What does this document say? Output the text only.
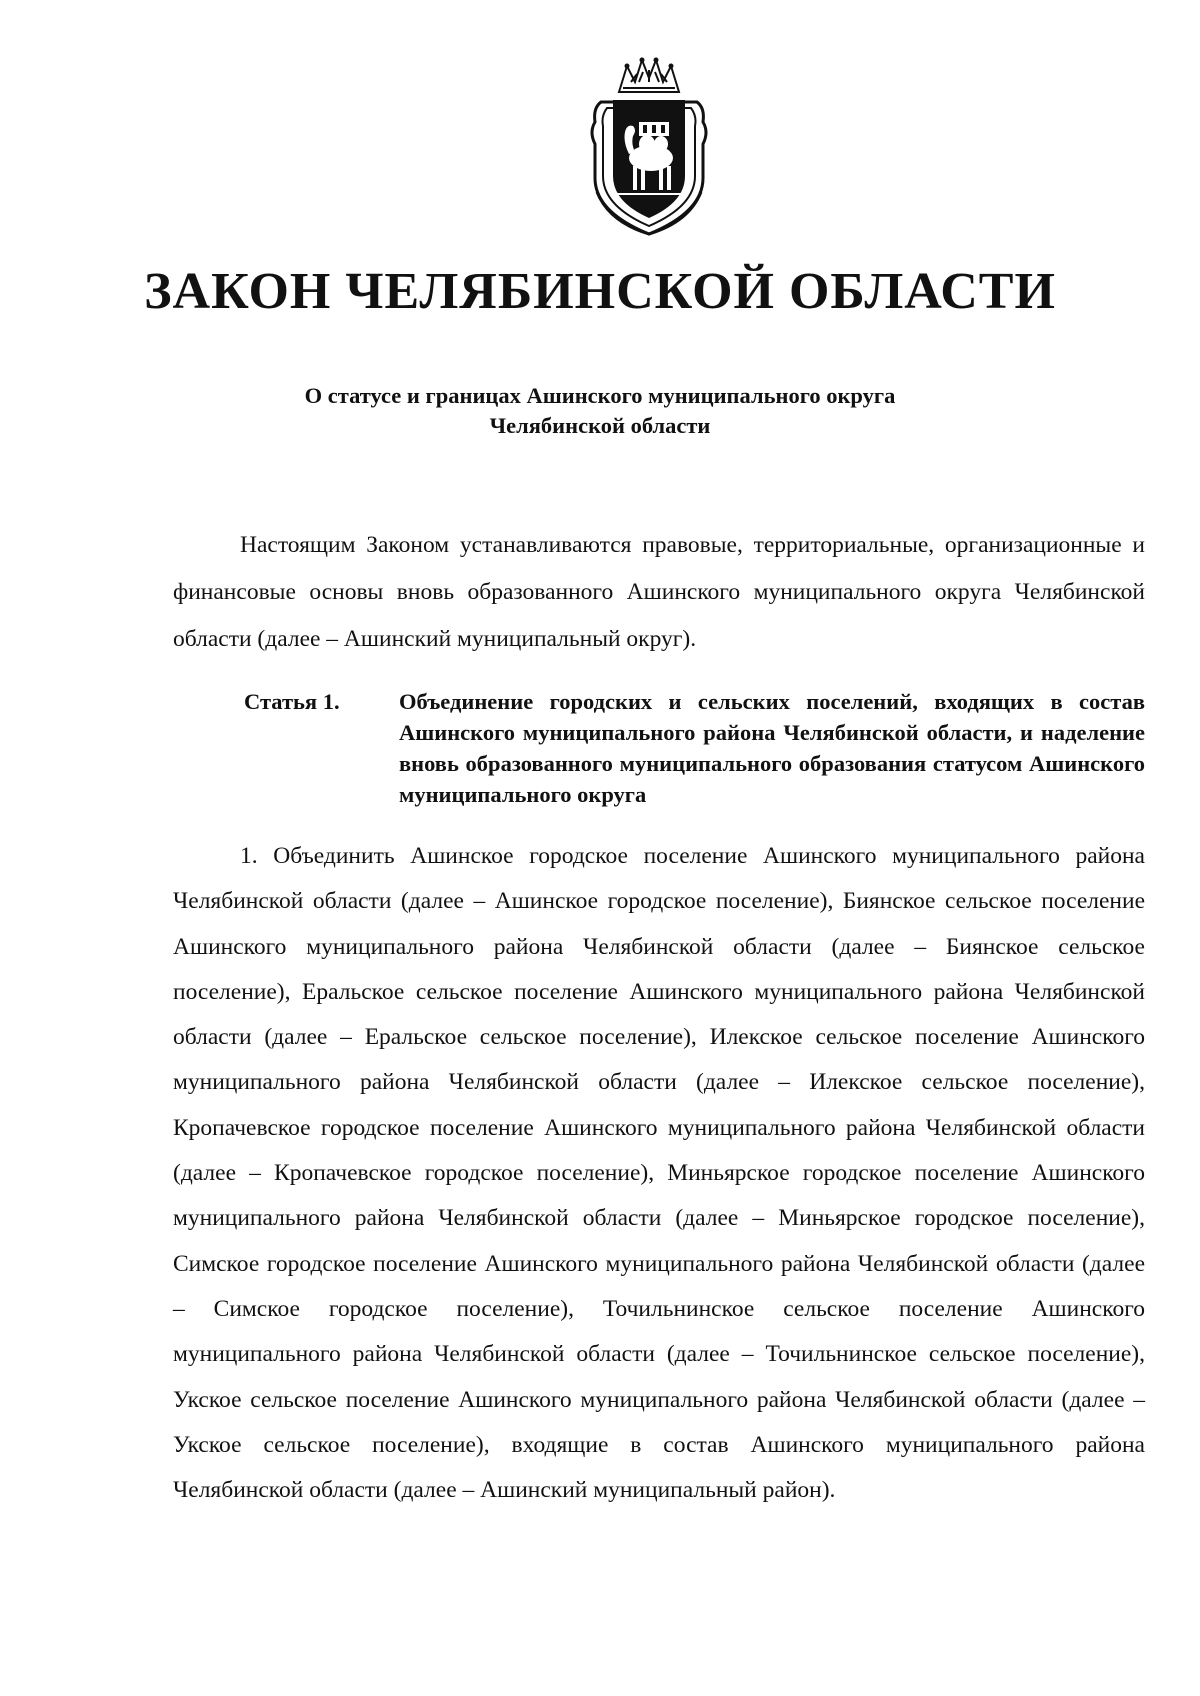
ЗАКОН ЧЕЛЯБИНСКОЙ ОБЛАСТИ
О статусе и границах Ашинского муниципального округа
Челябинской области

Настоящим Законом устанавливаются правовые, территориальные, организационные и финансовые основы вновь образованного Ашинского муниципального округа Челябинской области (далее – Ашинский муниципальный округ).

Статья 1.	Объединение городских и сельских поселений, входящих в состав Ашинского муниципального района Челябинской области, и наделение вновь образованного муниципального образования статусом Ашинского муниципального округа

1. Объединить Ашинское городское поселение Ашинского муниципального района Челябинской области (далее – Ашинское городское поселение), Биянское сельское поселение Ашинского муниципального района Челябинской области (далее – Биянское сельское поселение), Еральское сельское поселение Ашинского муниципального района Челябинской области (далее – Еральское сельское поселение), Илекское сельское поселение Ашинского муниципального района Челябинской области (далее – Илекское сельское поселение), Кропачевское городское поселение Ашинского муниципального района Челябинской области (далее – Кропачевское городское поселение), Миньярское городское поселение Ашинского муниципального района Челябинской области (далее – Миньярское городское поселение), Симское городское поселение Ашинского муниципального района Челябинской области (далее – Симское городское поселение), Точильнинское сельское поселение Ашинского муниципального района Челябинской области (далее – Точильнинское сельское поселение), Укское сельское поселение Ашинского муниципального района Челябинской области (далее – Укское сельское поселение), входящие в состав Ашинского муниципального района Челябинской области (далее – Ашинский муниципальный район).
